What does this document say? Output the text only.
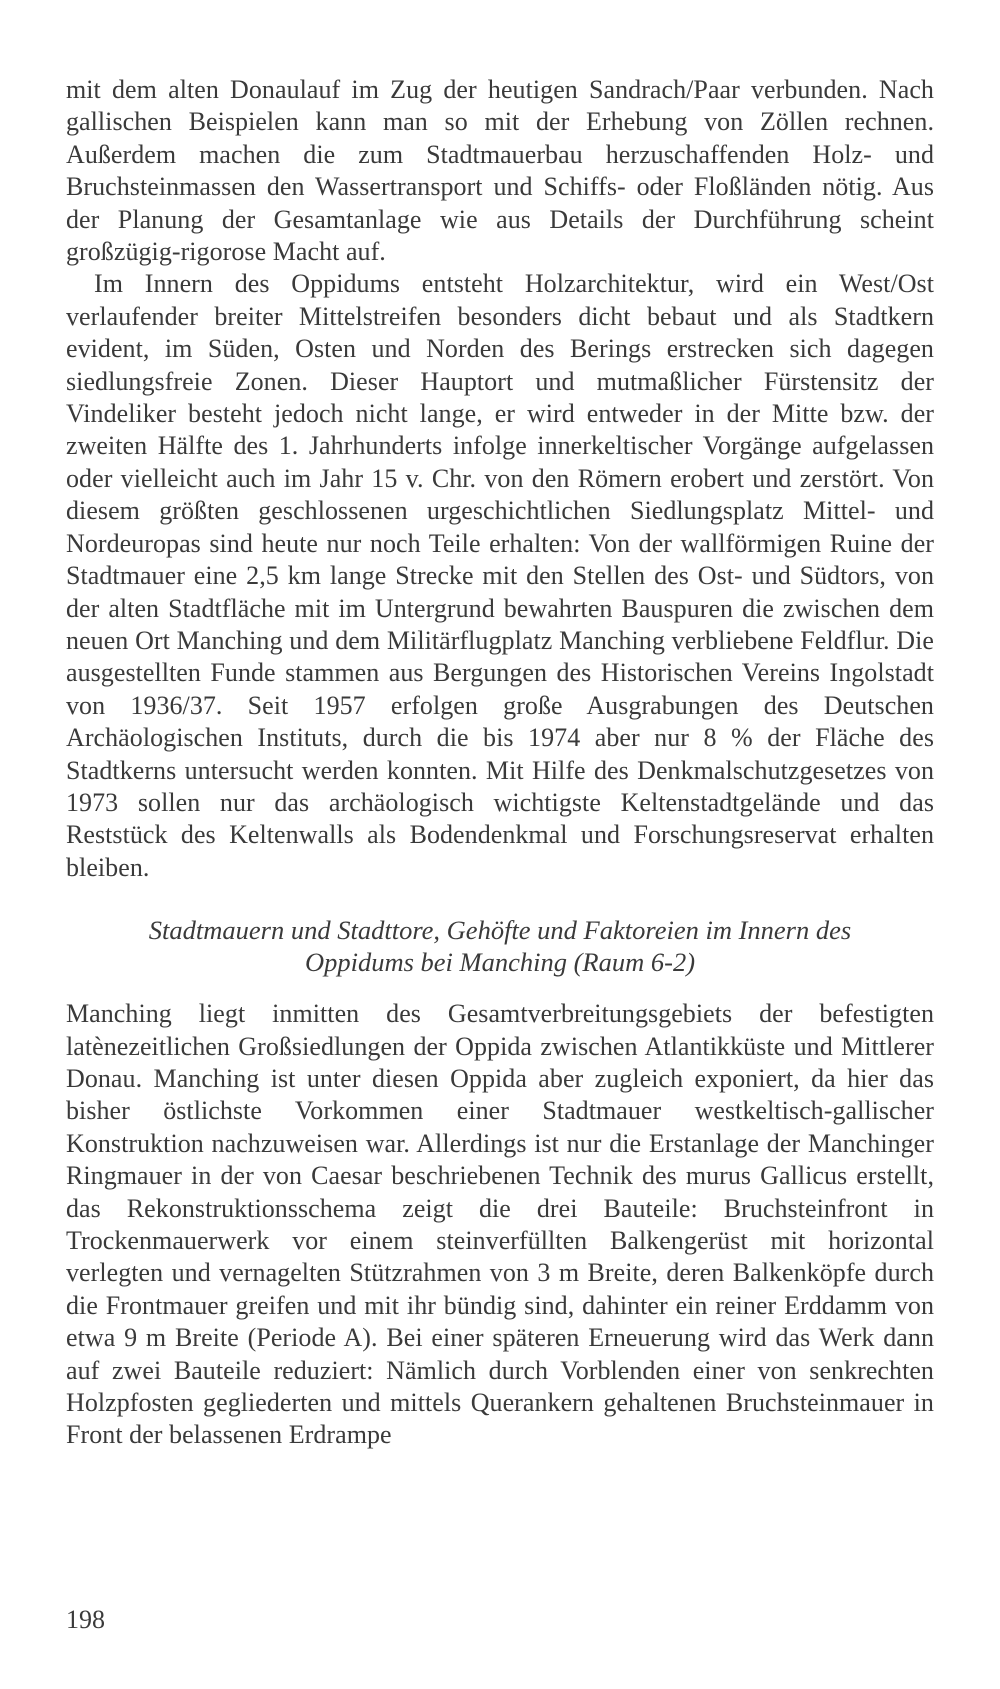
mit dem alten Donaulauf im Zug der heutigen Sandrach/Paar verbunden. Nach gallischen Beispielen kann man so mit der Erhebung von Zöllen rechnen. Außerdem machen die zum Stadtmauerbau herzuschaffenden Holz- und Bruchsteinmassen den Wassertransport und Schiffs- oder Floßländen nötig. Aus der Planung der Gesamtanlage wie aus Details der Durchführung scheint großzügig-rigorose Macht auf.

Im Innern des Oppidums entsteht Holzarchitektur, wird ein West/Ost verlaufender breiter Mittelstreifen besonders dicht bebaut und als Stadtkern evident, im Süden, Osten und Norden des Berings erstrecken sich dagegen siedlungsfreie Zonen. Dieser Hauptort und mutmaßlicher Fürstensitz der Vindeliker besteht jedoch nicht lange, er wird entweder in der Mitte bzw. der zweiten Hälfte des 1. Jahrhunderts infolge innerkeltischer Vorgänge aufgelassen oder vielleicht auch im Jahr 15 v. Chr. von den Römern erobert und zerstört. Von diesem größten geschlossenen urgeschichtlichen Siedlungsplatz Mittel- und Nordeuropas sind heute nur noch Teile erhalten: Von der wallförmigen Ruine der Stadtmauer eine 2,5 km lange Strecke mit den Stellen des Ost- und Südtors, von der alten Stadtfläche mit im Untergrund bewahrten Bauspuren die zwischen dem neuen Ort Manching und dem Militärflugplatz Manching verbliebene Feldflur. Die ausgestellten Funde stammen aus Bergungen des Historischen Vereins Ingolstadt von 1936/37. Seit 1957 erfolgen große Ausgrabungen des Deutschen Archäologischen Instituts, durch die bis 1974 aber nur 8 % der Fläche des Stadtkerns untersucht werden konnten. Mit Hilfe des Denkmalschutzgesetzes von 1973 sollen nur das archäologisch wichtigste Keltenstadtgelände und das Reststück des Keltenwalls als Bodendenkmal und Forschungsreservat erhalten bleiben.

Stadtmauern und Stadttore, Gehöfte und Faktoreien im Innern des

Oppidums bei Manching (Raum 6-2)

Manching liegt inmitten des Gesamtverbreitungsgebiets der befestigten latènezeitlichen Großsiedlungen der Oppida zwischen Atlantikküste und Mittlerer Donau. Manching ist unter diesen Oppida aber zugleich exponiert, da hier das bisher östlichste Vorkommen einer Stadtmauer westkeltisch-gallischer Konstruktion nachzuweisen war. Allerdings ist nur die Erstanlage der Manchinger Ringmauer in der von Caesar beschriebenen Technik des murus Gallicus erstellt, das Rekonstruktionsschema zeigt die drei Bauteile: Bruchsteinfront in Trockenmauerwerk vor einem steinverfüllten Balkengerüst mit horizontal verlegten und vernagelten Stützrahmen von 3 m Breite, deren Balkenköpfe durch die Frontmauer greifen und mit ihr bündig sind, dahinter ein reiner Erddamm von etwa 9 m Breite (Periode A). Bei einer späteren Erneuerung wird das Werk dann auf zwei Bauteile reduziert: Nämlich durch Vorblenden einer von senkrechten Holzpfosten gegliederten und mittels Querankern gehaltenen Bruchsteinmauer in Front der belassenen Erdrampe

198
